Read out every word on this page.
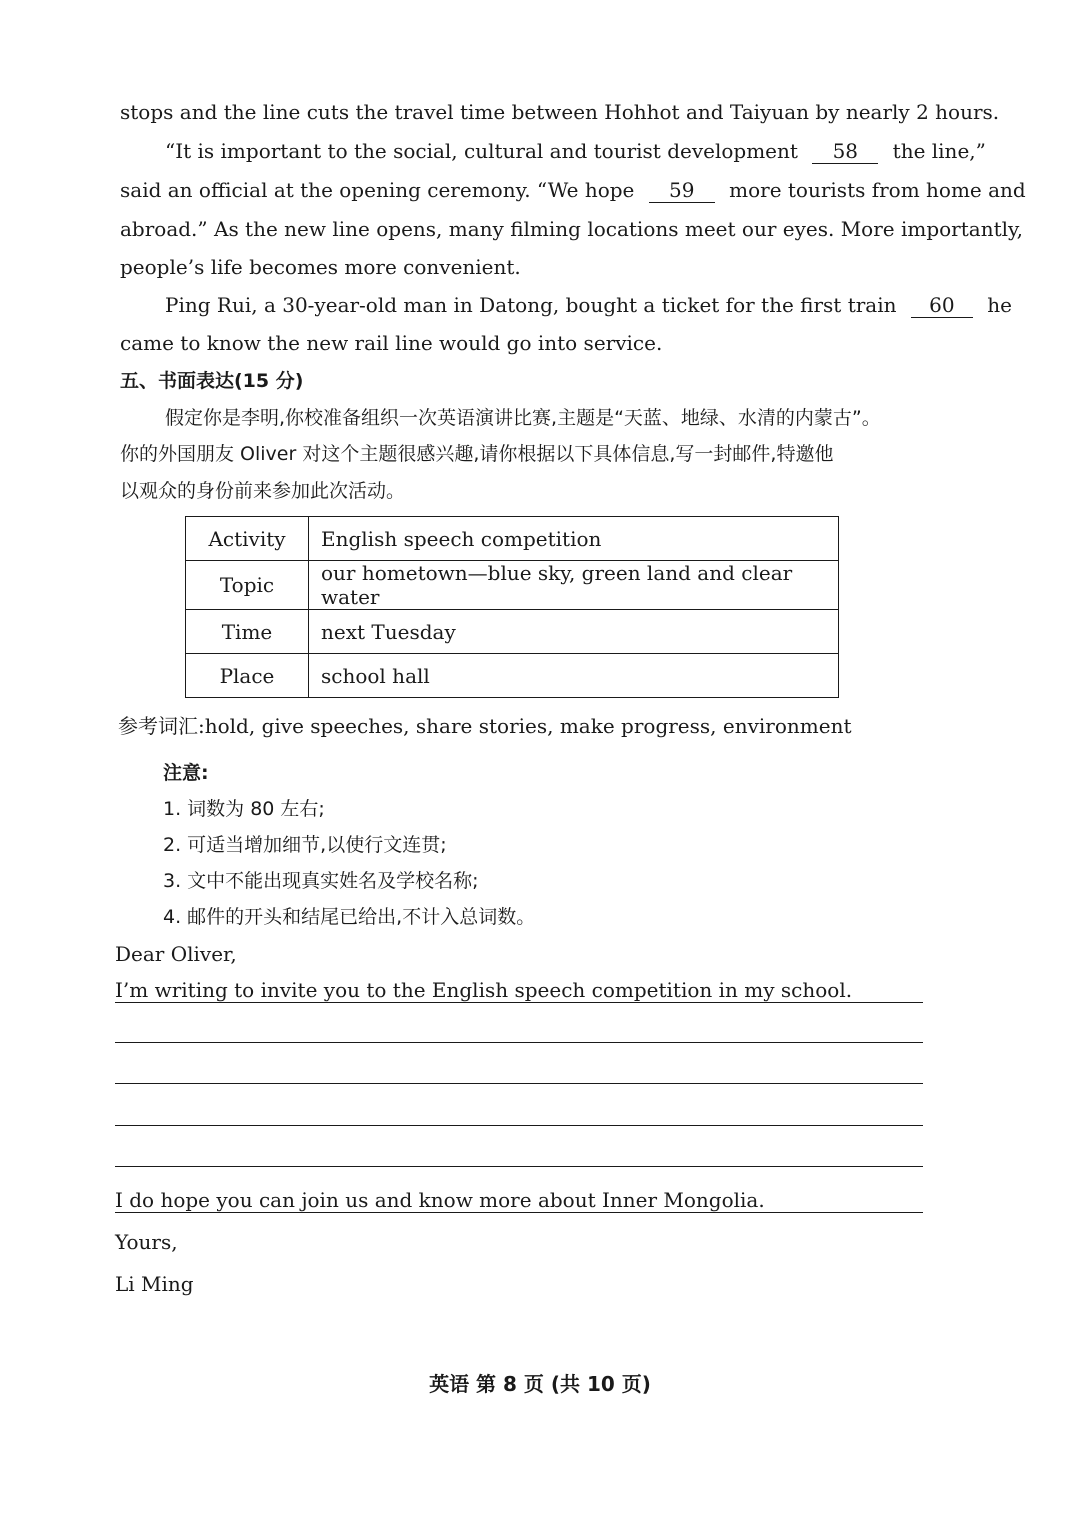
stops and the line cuts the travel time between Hohhot and Taiyuan by nearly 2 hours.
“It is important to the social, cultural and tourist development 58 the line,”
said an official at the opening ceremony. “We hope 59 more tourists from home and
abroad.” As the new line opens, many filming locations meet our eyes. More importantly,
people’s life becomes more convenient.
Ping Rui, a 30-year-old man in Datong, bought a ticket for the first train 60 he
came to know the new rail line would go into service.
五、书面表达(15 分)
假定你是李明,你校准备组织一次英语演讲比赛,主题是“天蓝、地绿、水清的内蒙古”。
你的外国朋友 Oliver 对这个主题很感兴趣,请你根据以下具体信息,写一封邮件,特邀他
以观众的身份前来参加此次活动。
Activity	English speech competition
Topic	our hometown—blue sky, green land and clear water
Time	next Tuesday
Place	school hall
参考词汇:hold, give speeches, share stories, make progress, environment
注意:
1. 词数为 80 左右;
2. 可适当增加细节,以使行文连贯;
3. 文中不能出现真实姓名及学校名称;
4. 邮件的开头和结尾已给出,不计入总词数。
Dear Oliver,
I’m writing to invite you to the English speech competition in my school.
I do hope you can join us and know more about Inner Mongolia.
Yours,
Li Ming
英语 第 8 页 (共 10 页)
